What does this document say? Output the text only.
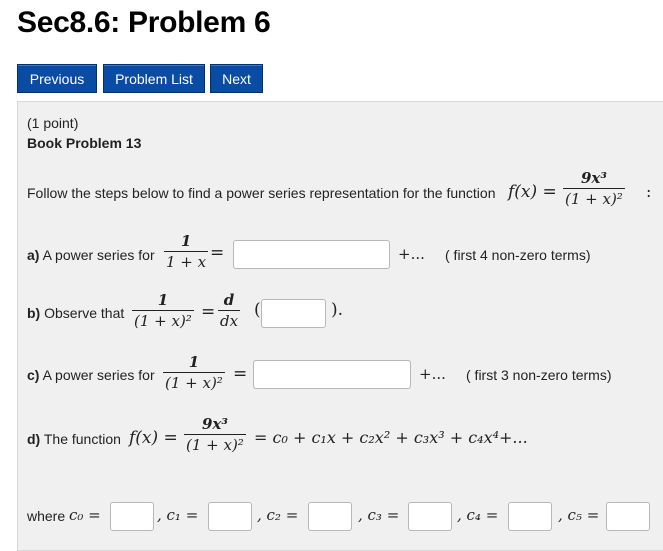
Sec8.6: Problem 6
Previous	Problem List	Next
(1 point)
Book Problem 13
Follow the steps below to find a power series representation for the function f(x) =
9x³
(1 + x)² :
a) A power series for
1
1 + x =	+... ( first 4 non-zero terms)
b) Observe that
1
(1 + x)² =
d
dx
(	).
c) A power series for
1
(1 + x)² =	+... ( first 3 non-zero terms)
d) The function f(x) =
9x³
(1 + x)² = c₀ + c₁x + c₂x² + c₃x³ + c₄x⁴+...
where c₀ =	, c₁ =	, c₂ =	, c₃ =	, c₄ =	, c₅ =
